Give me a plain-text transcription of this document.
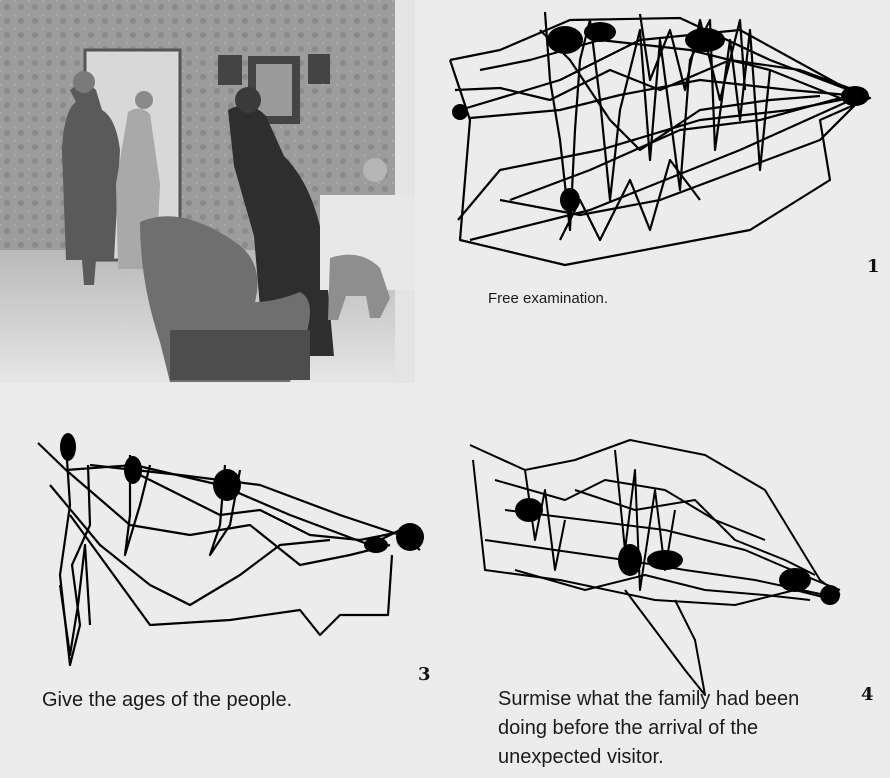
1
Free examination.
3
Give the ages of the people.	4
Surmise what the family had been doing before the arrival of the unexpected visitor.
